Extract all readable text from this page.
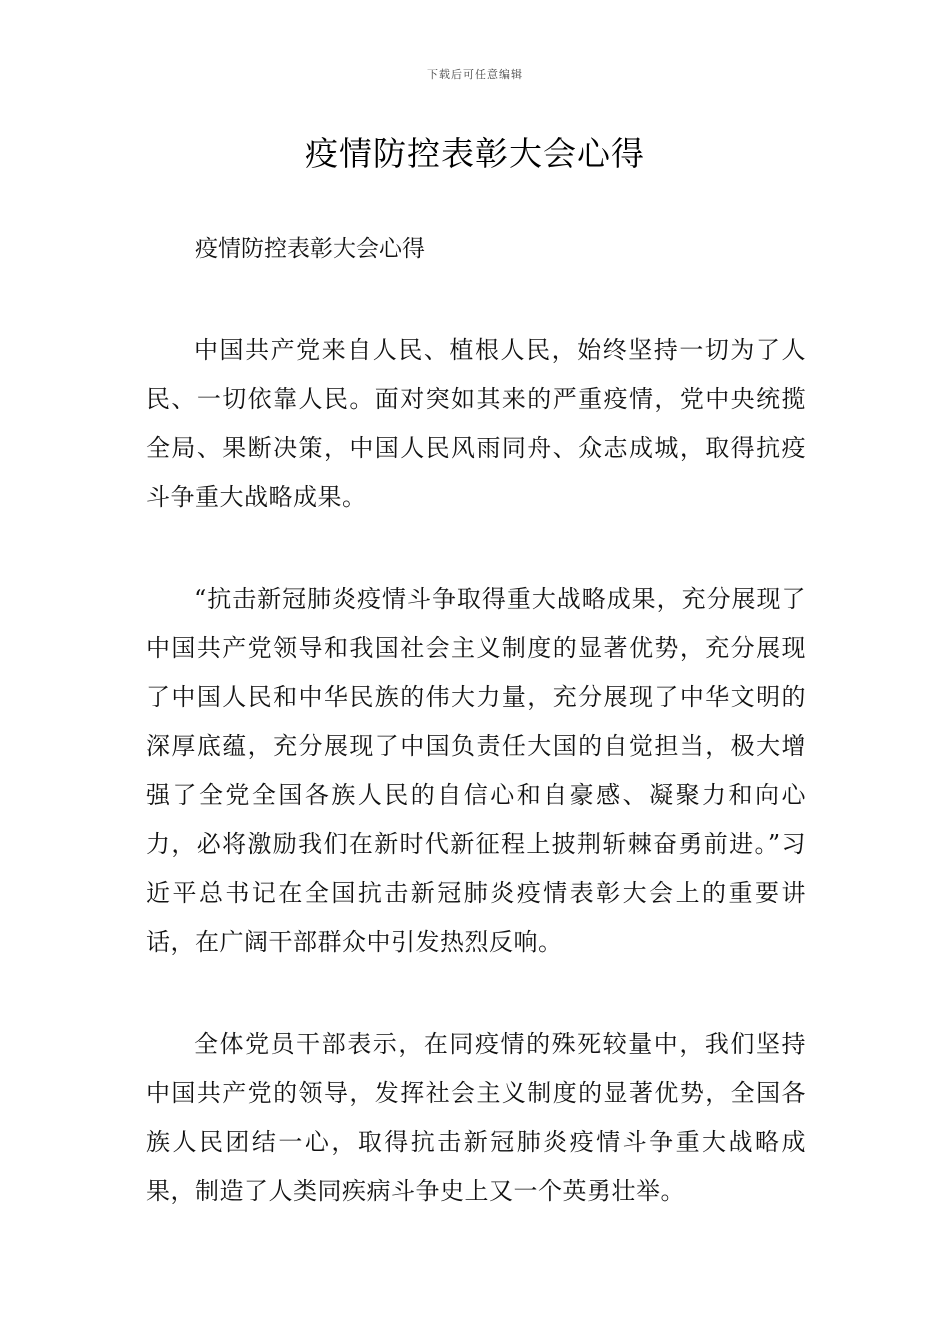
下载后可任意编辑
疫情防控表彰大会心得

疫情防控表彰大会心得

中国共产党来自人民、植根人民，始终坚持一切为了人民、一切依靠人民。面对突如其来的严重疫情，党中央统揽全局、果断决策，中国人民风雨同舟、众志成城，取得抗疫斗争重大战略成果。

“抗击新冠肺炎疫情斗争取得重大战略成果，充分展现了中国共产党领导和我国社会主义制度的显著优势，充分展现了中国人民和中华民族的伟大力量，充分展现了中华文明的深厚底蕴，充分展现了中国负责任大国的自觉担当，极大增强了全党全国各族人民的自信心和自豪感、凝聚力和向心力，必将激励我们在新时代新征程上披荆斩棘奋勇前进。”习近平总书记在全国抗击新冠肺炎疫情表彰大会上的重要讲话，在广阔干部群众中引发热烈反响。

全体党员干部表示，在同疫情的殊死较量中，我们坚持中国共产党的领导，发挥社会主义制度的显著优势，全国各族人民团结一心，取得抗击新冠肺炎疫情斗争重大战略成果，制造了人类同疾病斗争史上又一个英勇壮举。
